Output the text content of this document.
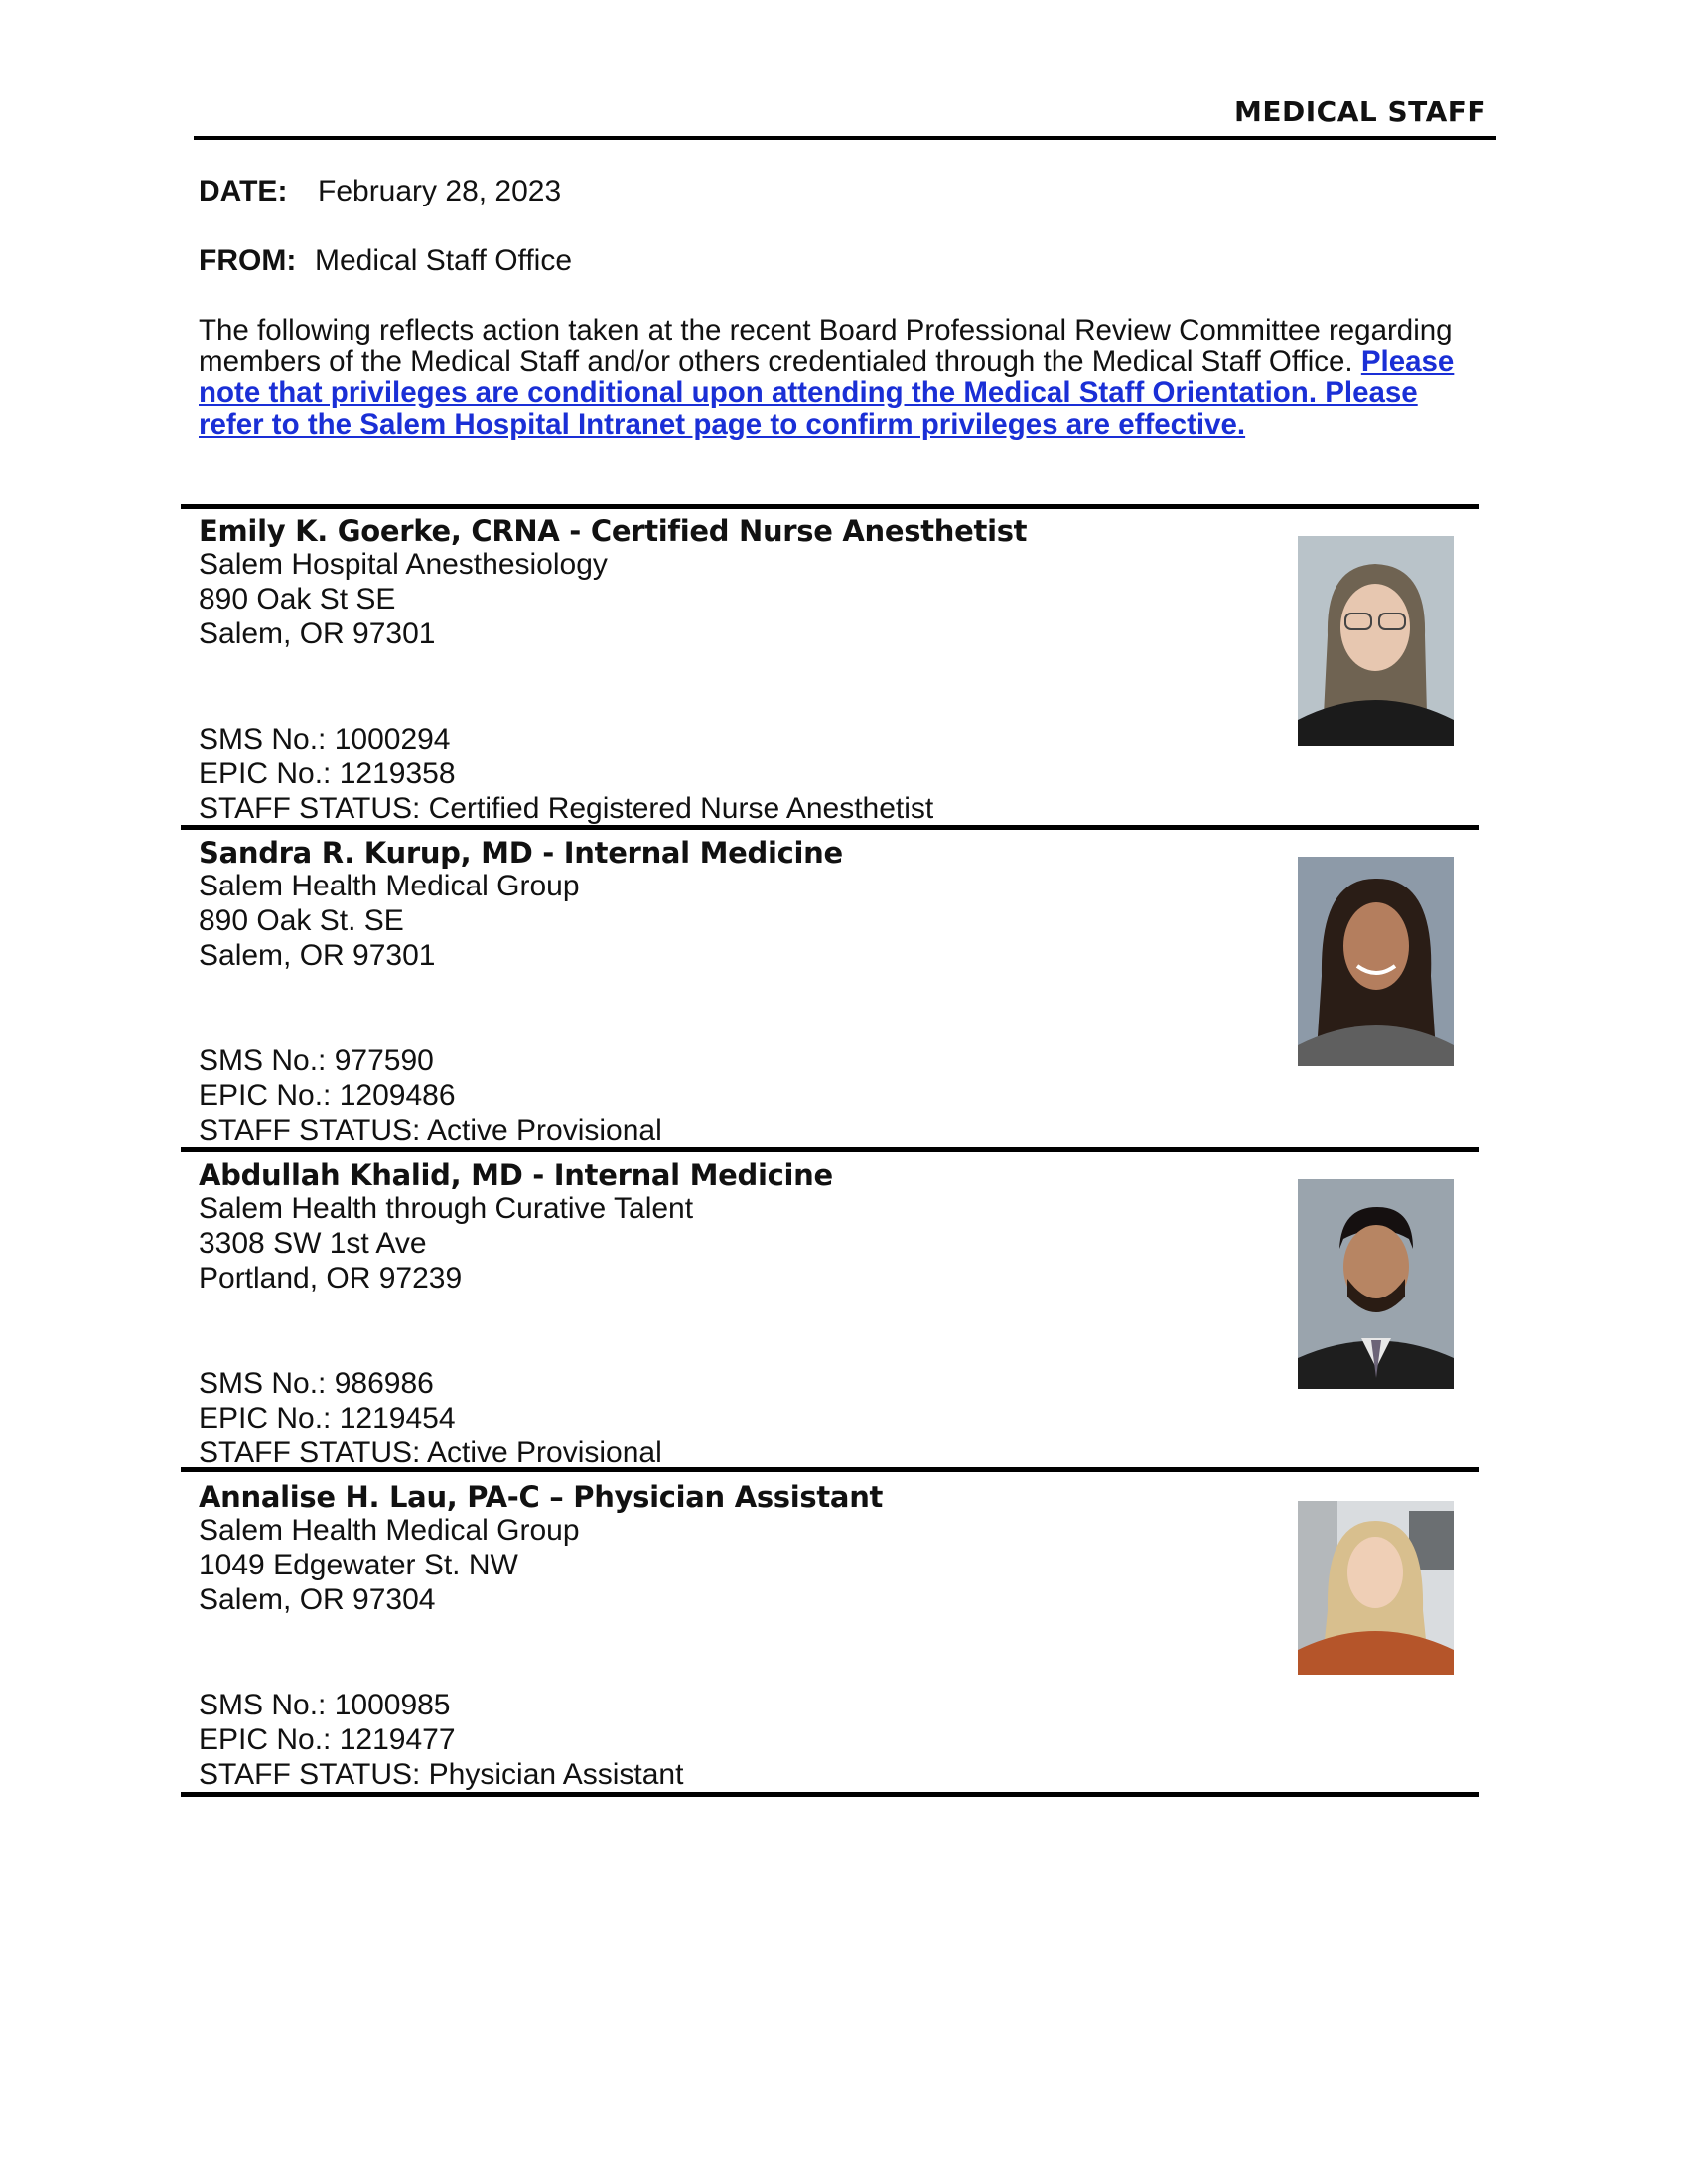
MEDICAL STAFF
DATE: February 28, 2023
FROM: Medical Staff Office
The following reflects action taken at the recent Board Professional Review Committee regarding members of the Medical Staff and/or others credentialed through the Medical Staff Office. Please note that privileges are conditional upon attending the Medical Staff Orientation. Please refer to the Salem Hospital Intranet page to confirm privileges are effective.
Emily K. Goerke, CRNA - Certified Nurse Anesthetist
Salem Hospital Anesthesiology
890 Oak St SE
Salem, OR 97301
SMS No.: 1000294
EPIC No.: 1219358
STAFF STATUS: Certified Registered Nurse Anesthetist
Sandra R. Kurup, MD - Internal Medicine
Salem Health Medical Group
890 Oak St. SE
Salem, OR 97301
SMS No.: 977590
EPIC No.: 1209486
STAFF STATUS: Active Provisional
Abdullah Khalid, MD - Internal Medicine
Salem Health through Curative Talent
3308 SW 1st Ave
Portland, OR 97239
SMS No.: 986986
EPIC No.: 1219454
STAFF STATUS: Active Provisional
Annalise H. Lau, PA-C – Physician Assistant
Salem Health Medical Group
1049 Edgewater St. NW
Salem, OR 97304
SMS No.: 1000985
EPIC No.: 1219477
STAFF STATUS: Physician Assistant
